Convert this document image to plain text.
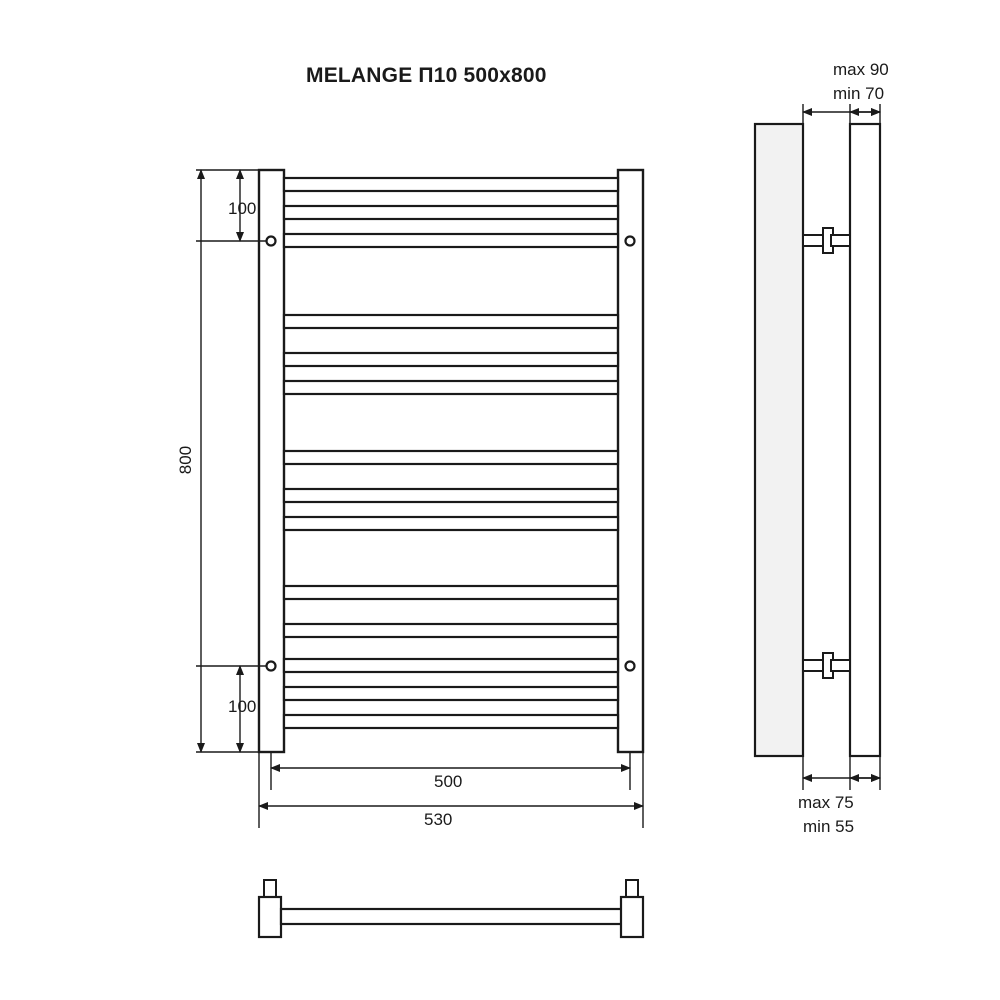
MELANGE П10 500x800
100
100
800
500
530
max 90
min 70
max 75
min 55
